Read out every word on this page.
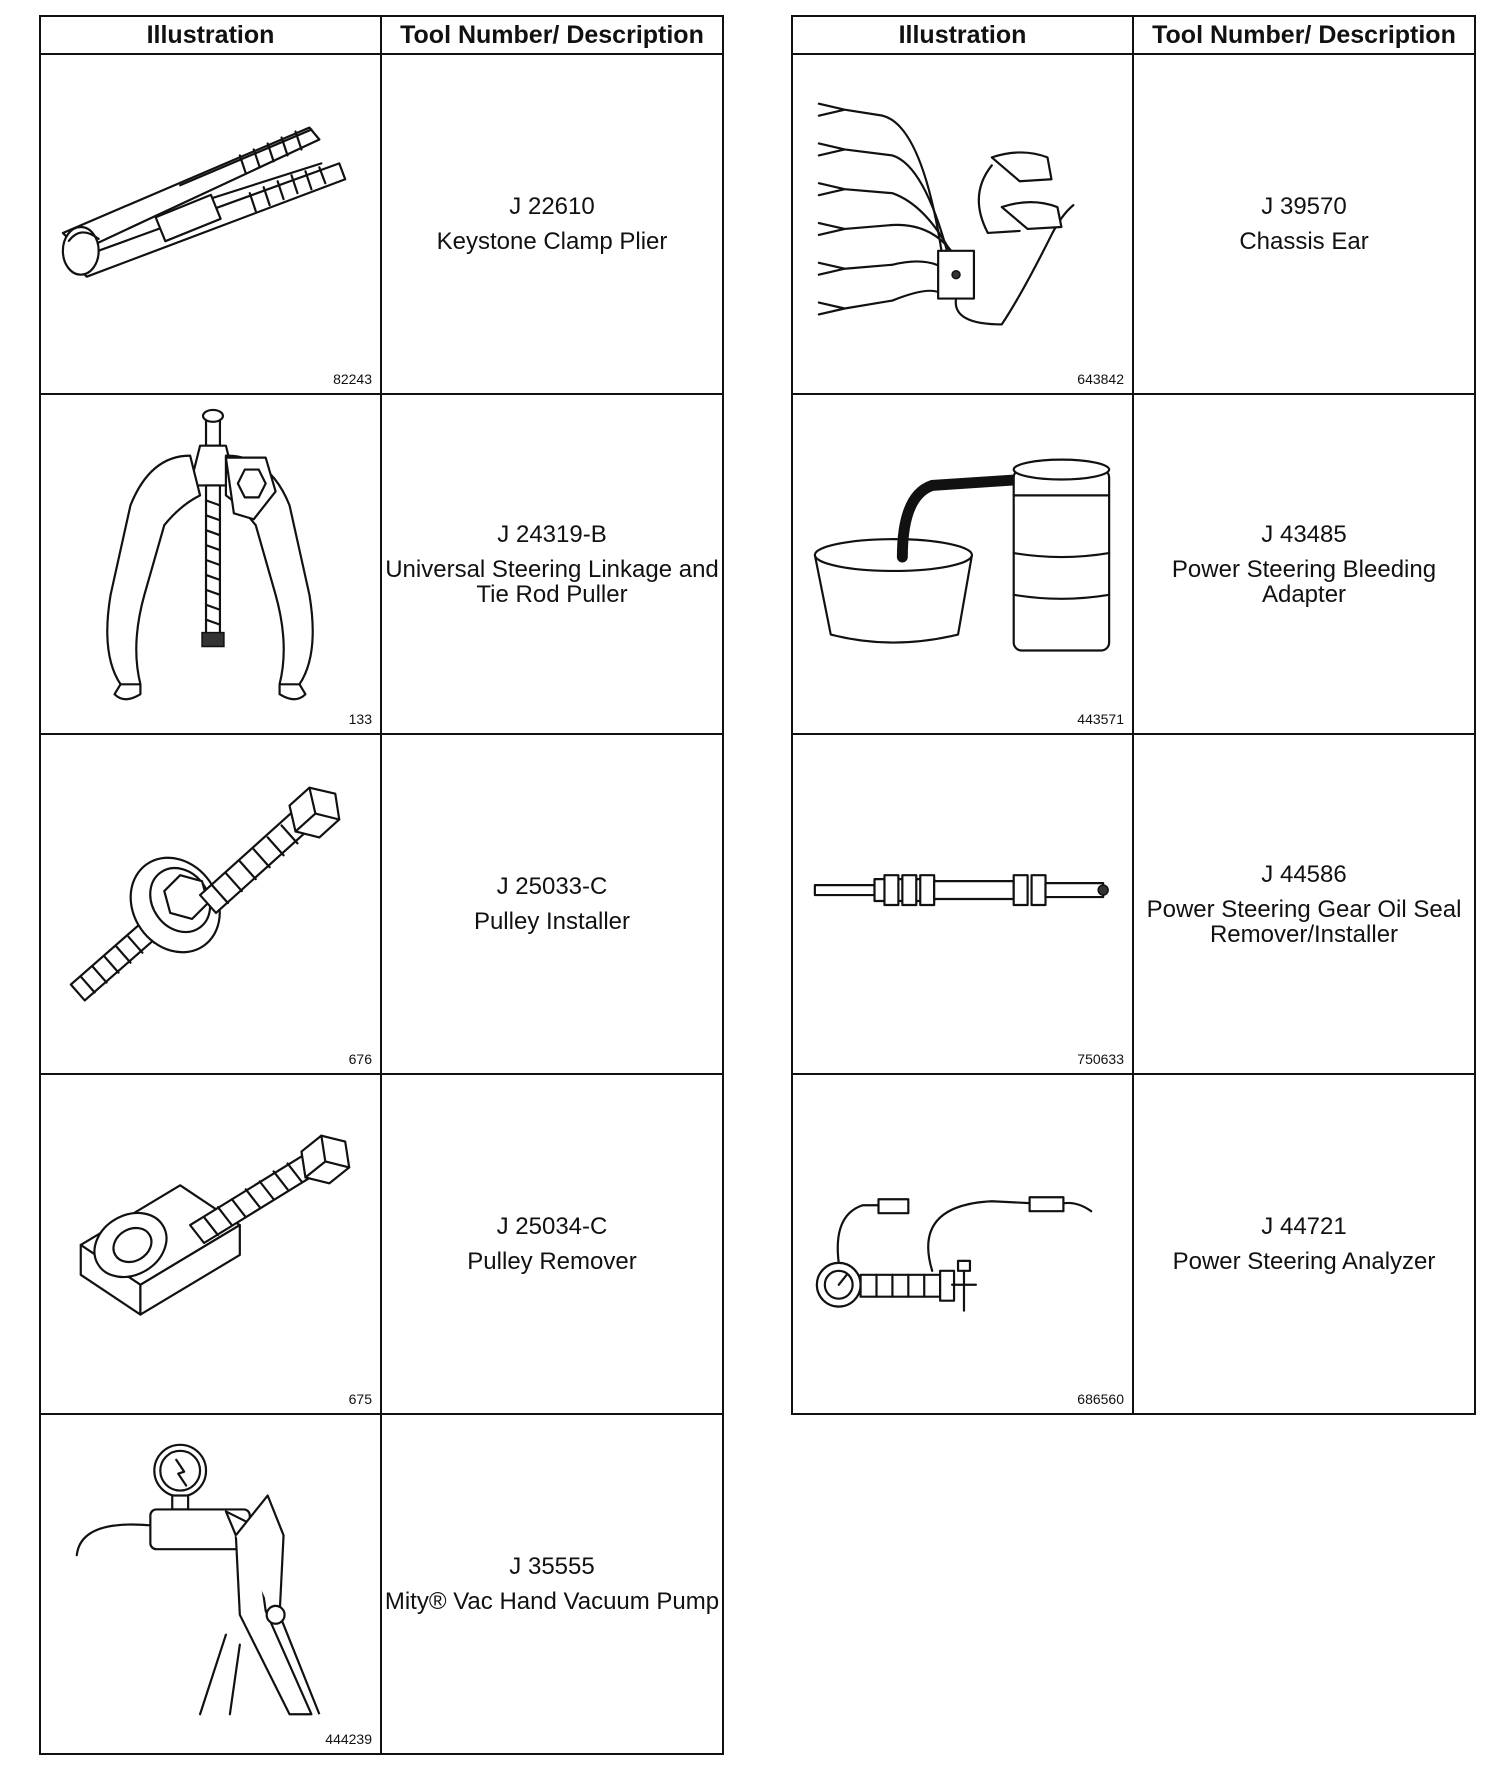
Illustration	Tool Number/ Description

82243	J 22610
Keystone Clamp Plier

133	J 24319-B
Universal Steering Linkage and Tie Rod Puller

676	J 25033-C
Pulley Installer

675	J 25034-C
Pulley Remover

444239	J 35555
Mity® Vac Hand Vacuum Pump
Illustration	Tool Number/ Description

643842	J 39570
Chassis Ear

443571	J 43485
Power Steering Bleeding Adapter

750633	J 44586
Power Steering Gear Oil Seal Remover/Installer

686560	J 44721
Power Steering Analyzer
